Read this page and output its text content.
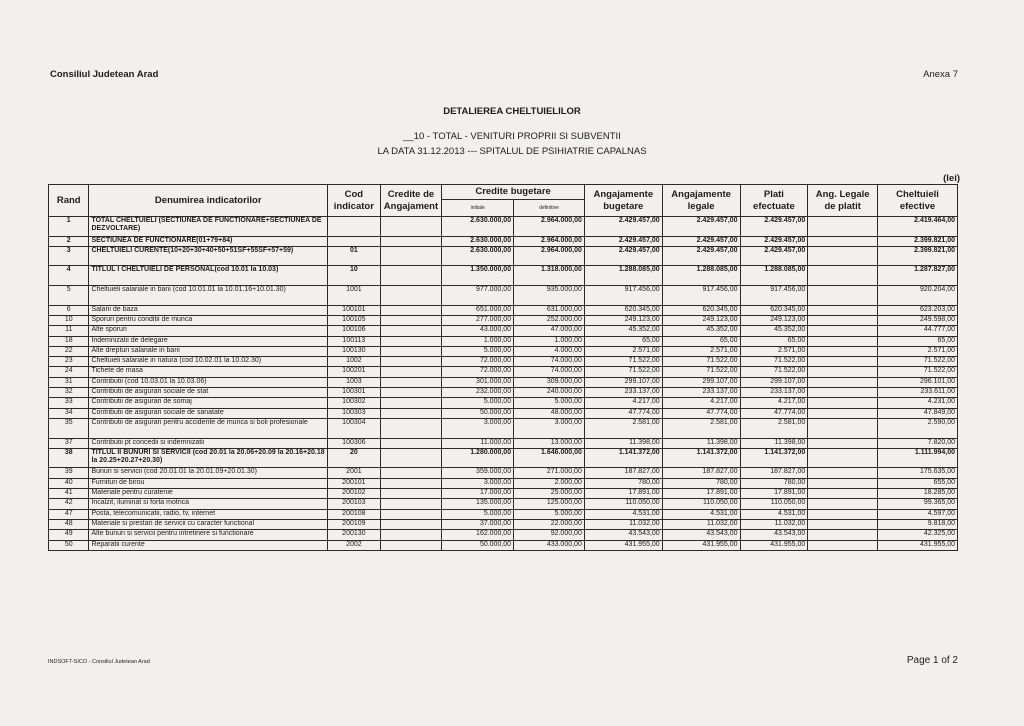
Consiliul Judetean Arad	Anexa 7
DETALIEREA CHELTUIELILOR
__10 - TOTAL - VENITURI PROPRII SI SUBVENTII
LA DATA 31.12.2013 --- SPITALUL DE PSIHIATRIE CAPALNAS
(lei)
Rand	Denumirea indicatorilor	Cod indicator	Credite de Angajament	Credite bugetare		Angajamente bugetare	Angajamente legale	Plati efectuate	Ang. Legale de platit	Cheltuieli efective
				initiale	definitive					
1	TOTAL CHELTUIELI (SECTIUNEA DE FUNCTIONARE+SECTIUNEA DE DEZVOLTARE)			2.630.000,00	2.964.000,00	2.429.457,00	2.429.457,00	2.429.457,00		2.419.464,00
2	SECTIUNEA DE FUNCTIONARE(01+79+84)			2.630.000,00	2.964.000,00	2.429.457,00	2.429.457,00	2.429.457,00		2.399.821,00
3	CHELTUIELI CURENTE(10+20+30+40+50+51SF+55SF+57+59)	01		2.630.000,00	2.964.000,00	2.429.457,00	2.429.457,00	2.429.457,00		2.399.821,00
4	TITLUL I CHELTUIELI DE PERSONAL(cod 10.01 la 10.03)	10		1.350.000,00	1.318.000,00	1.288.085,00	1.288.085,00	1.288.085,00		1.287.827,00
5	Cheltuieli salariale in bani (cod 10.01.01 la 10.01.16+10.01.30)	1001		977.000,00	935.000,00	917.456,00	917.456,00	917.456,00		920.204,00
6	Salarii de baza	100101		651.000,00	631.000,00	620.345,00	620.345,00	620.345,00		623.203,00
10	Sporuri pentru conditii de munca	100105		277.000,00	252.000,00	249.123,00	249.123,00	249.123,00		249.598,00
11	Alte sporuri	100106		43.000,00	47.000,00	45.352,00	45.352,00	45.352,00		44.777,00
18	Indemnizatii de delegare	100113		1.000,00	1.000,00	65,00	65,00	65,00		65,00
22	Alte drepturi salariale in bani	100130		5.000,00	4.000,00	2.571,00	2.571,00	2.571,00		2.571,00
23	Cheltuieli salariale in natura (cod 10.02.01 la 10.02.30)	1002		72.000,00	74.000,00	71.522,00	71.522,00	71.522,00		71.522,00
24	Tichete de masa	100201		72.000,00	74.000,00	71.522,00	71.522,00	71.522,00		71.522,00
31	Contributii (cod 10.03.01 la 10.03.06)	1003		301.000,00	309.000,00	299.107,00	299.107,00	299.107,00		296.101,00
32	Contributii de asigurari sociale de stat	100301		232.000,00	240.000,00	233.137,00	233.137,00	233.137,00		233.611,00
33	Contributii de asigurari de somaj	100302		5.000,00	5.000,00	4.217,00	4.217,00	4.217,00		4.231,00
34	Contributii de asigurari sociale de sanatate	100303		50.000,00	48.000,00	47.774,00	47.774,00	47.774,00		47.849,00
35	Contributii de asigurari pentru accidente de munca si boli profesionale	100304		3.000,00	3.000,00	2.581,00	2.581,00	2.581,00		2.590,00
37	Contributii pt concedii si indemnizatii	100306		11.000,00	13.000,00	11.398,00	11.398,00	11.398,00		7.820,00
38	TITLUL II BUNURI SI SERVICII (cod 20.01 la 20.06+20.09 la 20.16+20.18 la 20.25+20.27+20.30)	20		1.280.000,00	1.646.000,00	1.141.372,00	1.141.372,00	1.141.372,00		1.111.994,00
39	Bunuri si servicii (cod 20.01.01 la 20.01.09+20.01.30)	2001		359.000,00	271.000,00	187.827,00	187.827,00	187.827,00		175.635,00
40	Furnituri de birou	200101		3.000,00	2.000,00	780,00	780,00	780,00		655,00
41	Materiale pentru curatenie	200102		17.000,00	25.000,00	17.891,00	17.891,00	17.891,00		18.285,00
42	Incalzit, iluminat si forta motrica	200103		135.000,00	125.000,00	110.050,00	110.050,00	110.050,00		99.365,00
47	Posta, telecomunicatii, radio, tv, internet	200108		5.000,00	5.000,00	4.531,00	4.531,00	4.531,00		4.597,00
48	Materiale si prestari de servicii cu caracter functional	200109		37.000,00	22.000,00	11.032,00	11.032,00	11.032,00		9.818,00
49	Alte bunuri si servicii pentru intretinere si functionare	200130		162.000,00	92.000,00	43.543,00	43.543,00	43.543,00		42.325,00
50	Reparatii curente	2002		50.000,00	433.000,00	431.955,00	431.955,00	431.955,00		431.955,00
INDSOFT-SICO - Consiliul Judetean Arad	Page 1 of 2
